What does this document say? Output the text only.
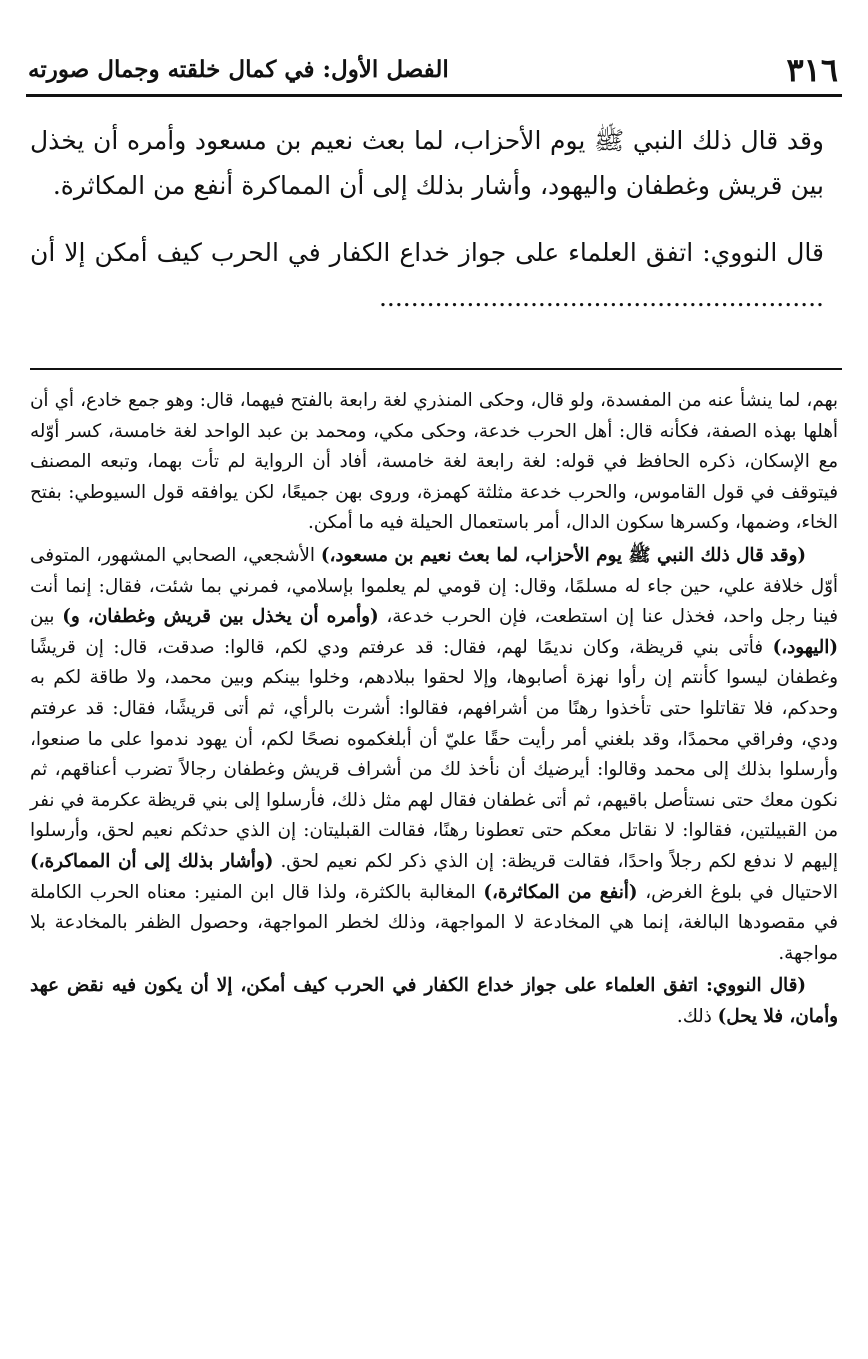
٣١٦
الفصل الأول: في كمال خلقته وجمال صورته

وقد قال ذلك النبي ﷺ يوم الأحزاب، لما بعث نعيم بن مسعود وأمره أن يخذل بين قريش وغطفان واليهود، وأشار بذلك إلى أن المماكرة أنفع من المكاثرة.

قال النووي: اتفق العلماء على جواز خداع الكفار في الحرب كيف أمكن إلا أن ........................................................

بهم، لما ينشأ عنه من المفسدة، ولو قال، وحكى المنذري لغة رابعة بالفتح فيهما، قال: وهو جمع خادع، أي أن أهلها بهذه الصفة، فكأنه قال: أهل الحرب خدعة، وحكى مكي، ومحمد بن عبد الواحد لغة خامسة، كسر أوّله مع الإسكان، ذكره الحافظ في قوله: لغة رابعة لغة خامسة، أفاد أن الرواية لم تأت بهما، وتبعه المصنف فيتوقف في قول القاموس، والحرب خدعة مثلثة كهمزة، وروى بهن جميعًا، لكن يوافقه قول السيوطي: بفتح الخاء، وضمها، وكسرها سكون الدال، أمر باستعمال الحيلة فيه ما أمكن.

(وقد قال ذلك النبي ﷺ يوم الأحزاب، لما بعث نعيم بن مسعود،) الأشجعي، الصحابي المشهور، المتوفى أوّل خلافة علي، حين جاء له مسلمًا، وقال: إن قومي لم يعلموا بإسلامي، فمرني بما شئت، فقال: إنما أنت فينا رجل واحد، فخذل عنا إن استطعت، فإن الحرب خدعة، (وأمره أن يخذل بين قريش وغطفان، و) بين (اليهود،) فأتى بني قريظة، وكان نديمًا لهم، فقال: قد عرفتم ودي لكم، قالوا: صدقت، قال: إن قريشًا وغطفان ليسوا كأنتم إن رأوا نهزة أصابوها، وإلا لحقوا ببلادهم، وخلوا بينكم وبين محمد، ولا طاقة لكم به وحدكم، فلا تقاتلوا حتى تأخذوا رهنًا من أشرافهم، فقالوا: أشرت بالرأي، ثم أتى قريشًا، فقال: قد عرفتم ودي، وفراقي محمدًا، وقد بلغني أمر رأيت حقًا عليّ أن أبلغكموه نصحًا لكم، أن يهود ندموا على ما صنعوا، وأرسلوا بذلك إلى محمد وقالوا: أيرضيك أن نأخذ لك من أشراف قريش وغطفان رجالاً تضرب أعناقهم، ثم نكون معك حتى نستأصل باقيهم، ثم أتى غطفان فقال لهم مثل ذلك، فأرسلوا إلى بني قريظة عكرمة في نفر من القبيلتين، فقالوا: لا نقاتل معكم حتى تعطونا رهنًا، فقالت القبليتان: إن الذي حدثكم نعيم لحق، وأرسلوا إليهم لا ندفع لكم رجلاً واحدًا، فقالت قريظة: إن الذي ذكر لكم نعيم لحق. (وأشار بذلك إلى أن المماكرة،) الاحتيال في بلوغ الغرض، (أنفع من المكاثرة،) المغالبة بالكثرة، ولذا قال ابن المنير: معناه الحرب الكاملة في مقصودها البالغة، إنما هي المخادعة لا المواجهة، وذلك لخطر المواجهة، وحصول الظفر بالمخادعة بلا مواجهة.

(قال النووي: اتفق العلماء على جواز خداع الكفار في الحرب كيف أمكن، إلا أن يكون فيه نقض عهد وأمان، فلا يحل) ذلك.
